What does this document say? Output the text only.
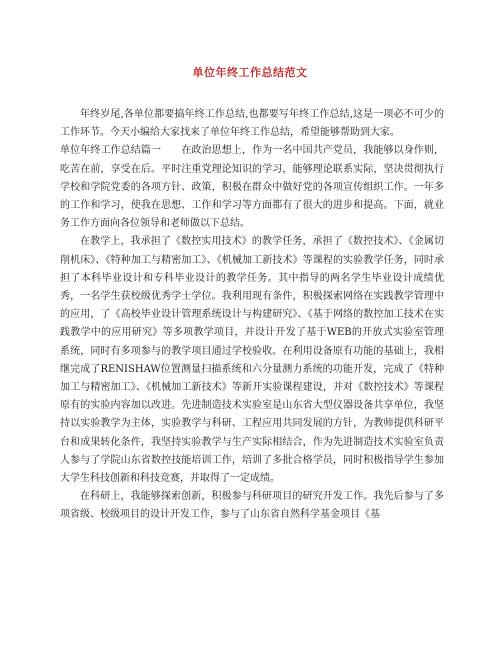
单位年终工作总结范文

年终岁尾,各单位都要搞年终工作总结,也都要写年终工作总结,这是一项必不可少的工作环节。今天小编给大家找来了单位年终工作总结，希望能够帮助到大家。

单位年终工作总结篇一　　 在政治思想上，作为一名中国共产党员，我能够以身作则，吃苦在前，享受在后。平时注重党理论知识的学习，能够理论联系实际，坚决贯彻执行学校和学院党委的各项方针、政策，积极在群众中做好党的各项宣传组织工作。一年多的工作和学习，使我在思想、工作和学习等方面都有了很大的进步和提高。下面，就业务工作方面向各位领导和老师做以下总结。

在教学上，我承担了《数控实用技术》的教学任务，承担了《数控技术》、《金属切削机床》、《特种加工与精密加工》、《机械加工新技术》等课程的实验教学任务，同时承担了本科毕业设计和专科毕业设计的教学任务。其中指导的两名学生毕业设计成绩优秀，一名学生获校级优秀学士学位。我利用现有条件，积极探索网络在实践教学管理中的应用，了《高校毕业设计管理系统设计与构建研究》、《基于网络的数控加工技术在实践教学中的应用研究》等多项教学项目，并设计开发了基于WEB的开放式实验室管理系统，同时有多项参与的教学项目通过学校验收。在利用设备原有功能的基础上，我相继完成了RENISHAW位置测量扫描系统和六分量测力系统的功能开发，完成了《特种加工与精密加工》、《机械加工新技术》等新开实验课程建设，并对《数控技术》等课程原有的实验内容加以改进。先进制造技术实验室是山东省大型仪器设备共享单位，我坚持以实验教学为主体，实验教学与科研、工程应用共同发展的方针，为教师提供科研平台和成果转化条件，我坚持实验教学与生产实际相结合，作为先进制造技术实验室负责人参与了学院山东省数控技能培训工作，培训了多批合格学员，同时积极指导学生参加大学生科技创新和科技竞赛，并取得了一定成绩。

在科研上，我能够探索创新，积极参与科研项目的研究开发工作。我先后参与了多项省级、校级项目的设计开发工作，参与了山东省自然科学基金项目《基
